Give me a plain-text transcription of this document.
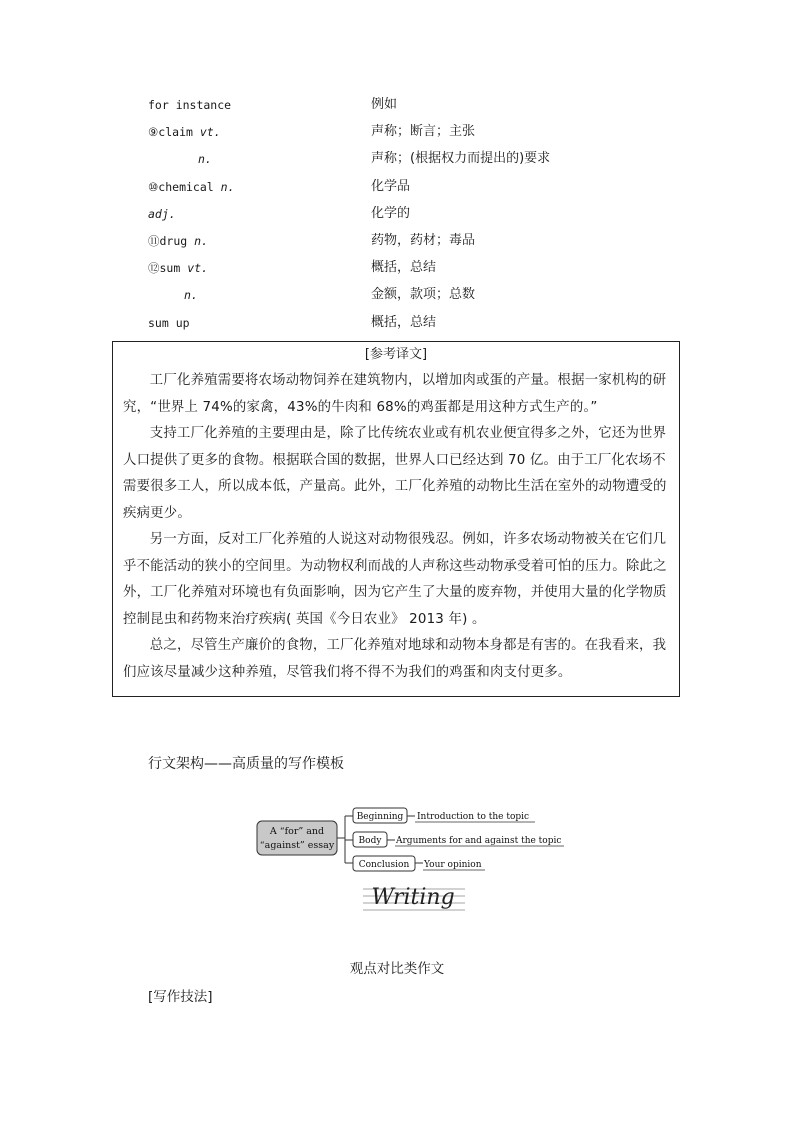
for instance	例如
⑨claim vt.	声称；断言；主张
n.	声称；(根据权力而提出的)要求
⑩chemical n.	化学品
adj.	化学的
⑪drug n.	药物，药材；毒品
⑫sum vt.	概括，总结
n.	金额，款项；总数
sum up	概括，总结
[参考译文]

工厂化养殖需要将农场动物饲养在建筑物内，以增加肉或蛋的产量。根据一家机构的研究，“世界上 74%的家禽，43%的牛肉和 68%的鸡蛋都是用这种方式生产的。”

支持工厂化养殖的主要理由是，除了比传统农业或有机农业便宜得多之外，它还为世界人口提供了更多的食物。根据联合国的数据，世界人口已经达到 70 亿。由于工厂化农场不需要很多工人，所以成本低，产量高。此外，工厂化养殖的动物比生活在室外的动物遭受的疾病更少。

另一方面，反对工厂化养殖的人说这对动物很残忍。例如，许多农场动物被关在它们几乎不能活动的狭小的空间里。为动物权利而战的人声称这些动物承受着可怕的压力。除此之外，工厂化养殖对环境也有负面影响，因为它产生了大量的废弃物，并使用大量的化学物质控制昆虫和药物来治疗疾病( 英国《今日农业》 2013 年) 。

总之，尽管生产廉价的食物，工厂化养殖对地球和动物本身都是有害的。在我看来，我们应该尽量减少这种养殖，尽管我们将不得不为我们的鸡蛋和肉支付更多。

行文架构——高质量的写作模板
A “for” and
“against” essay
Beginning Introduction to the topic
Body Arguments for and against the topic
Conclusion Your opinion
Writing
观点对比类作文
[写作技法]
